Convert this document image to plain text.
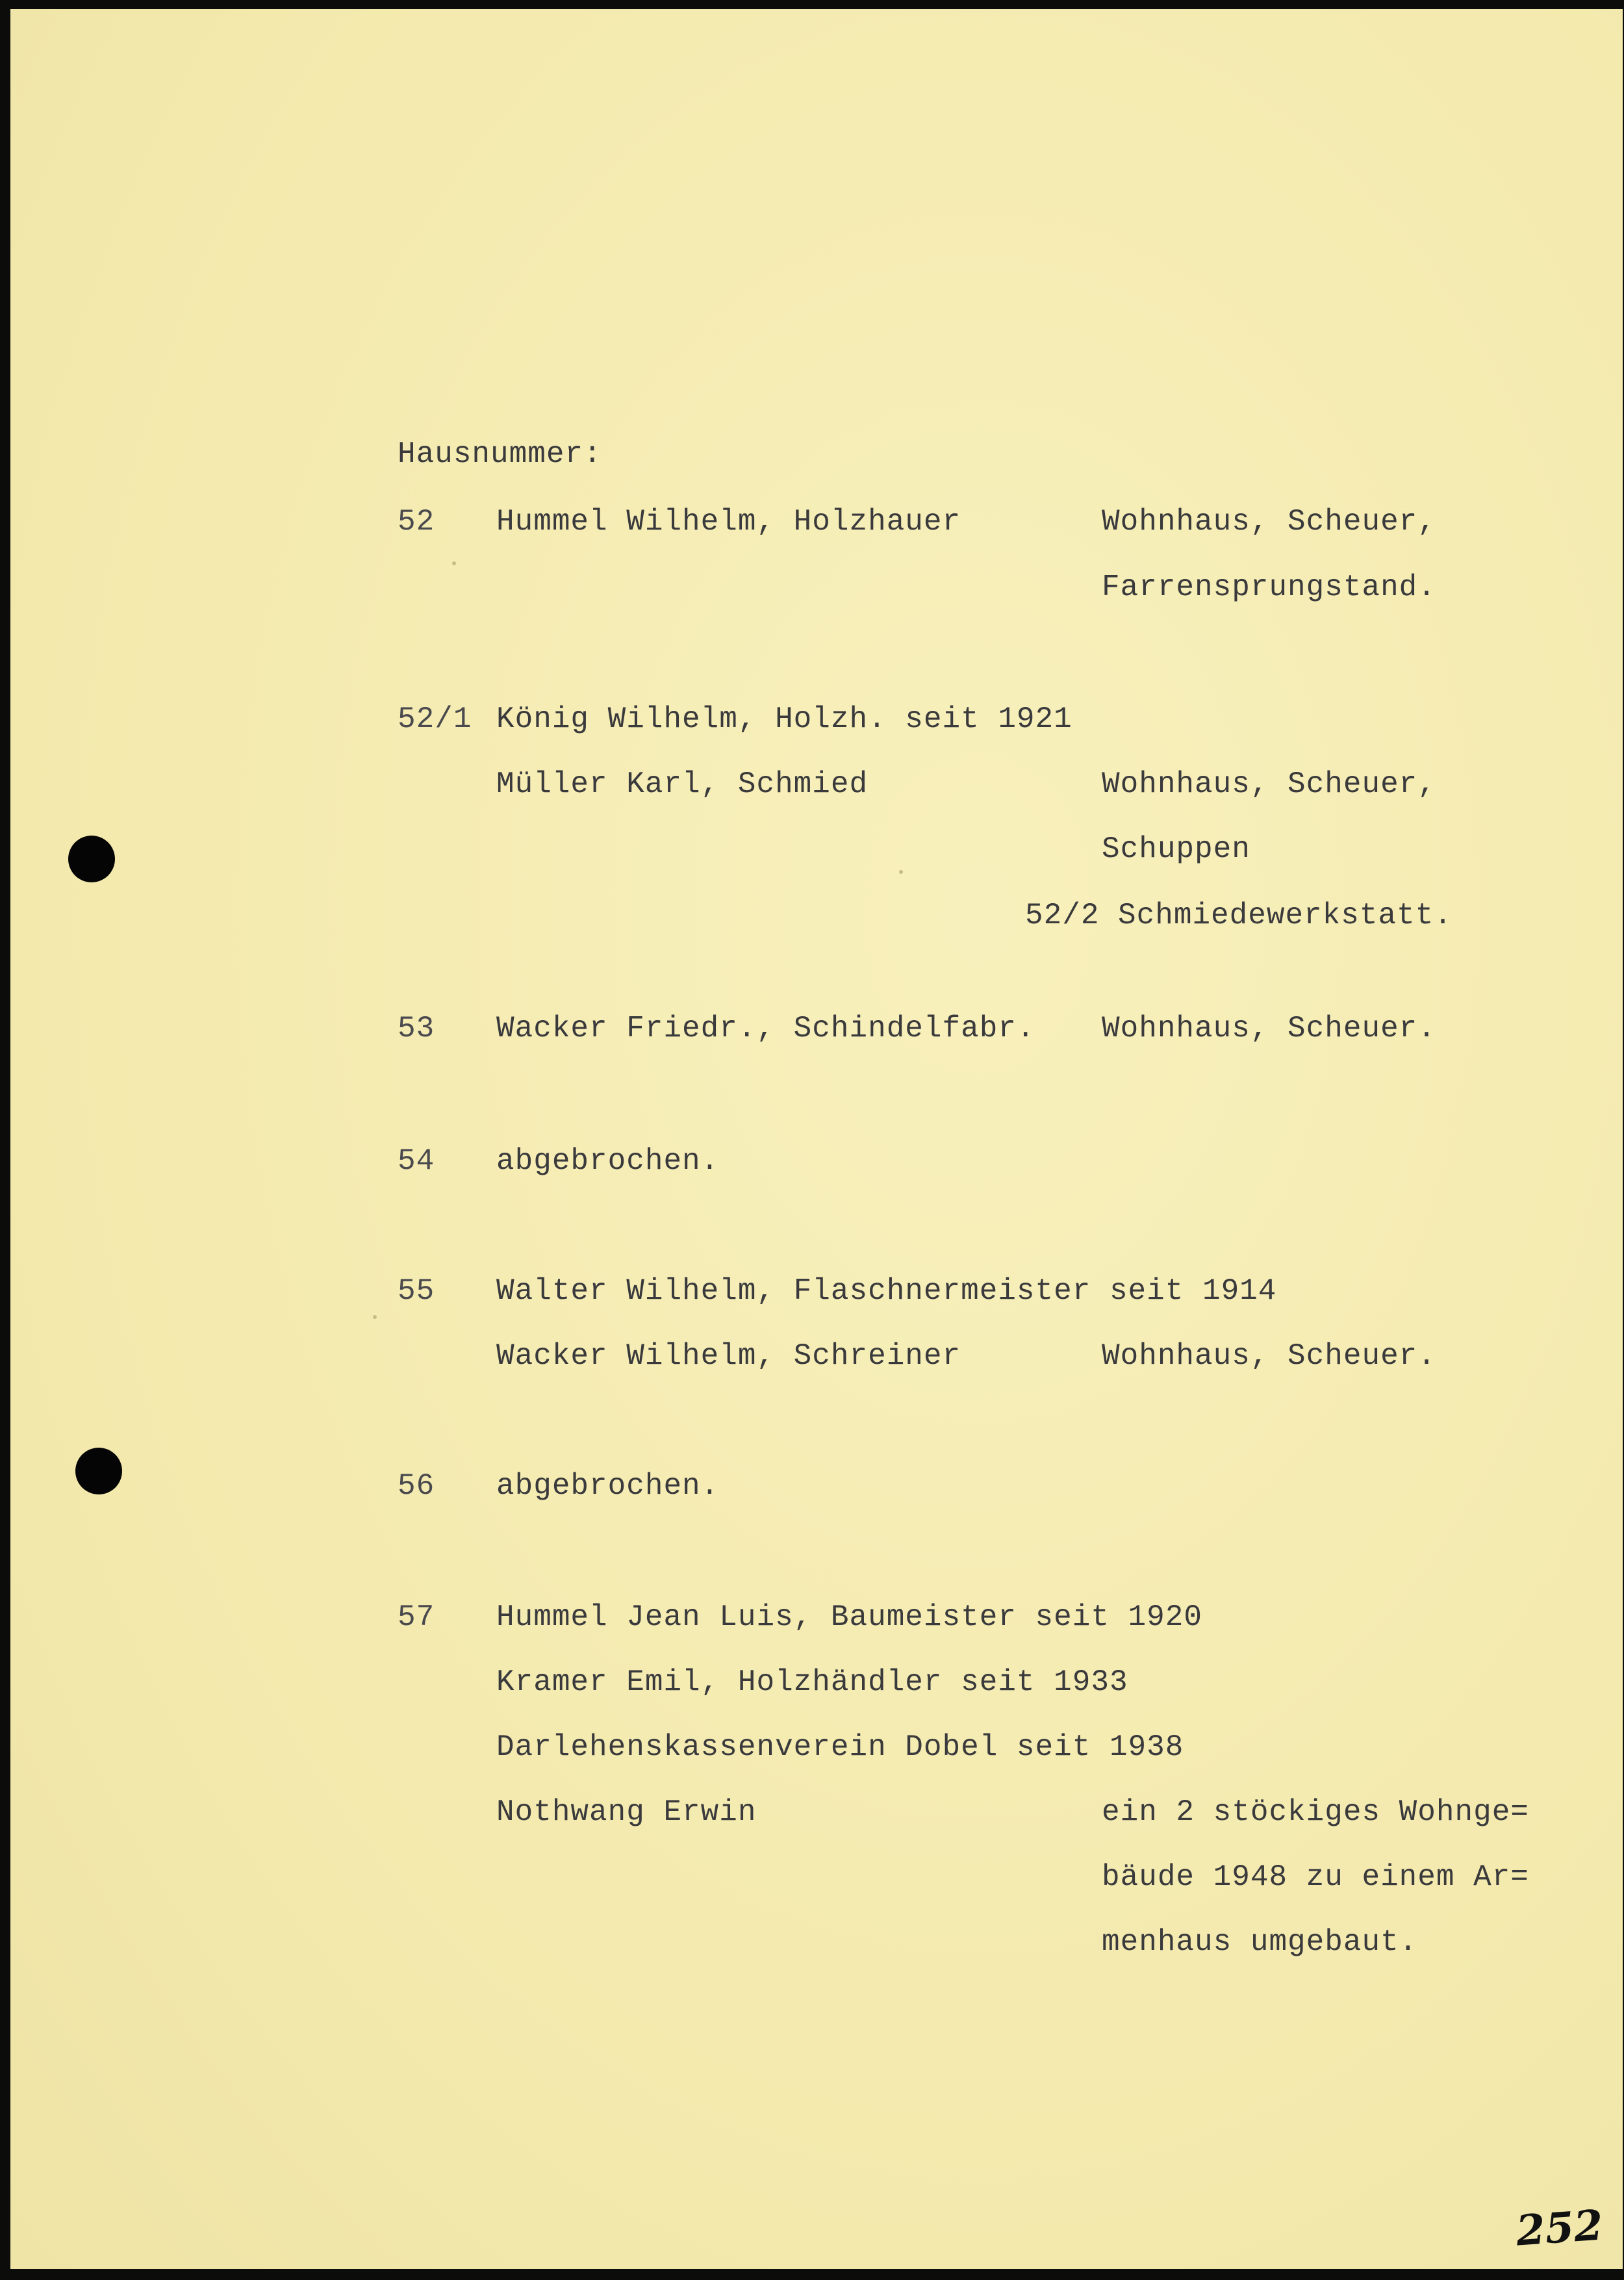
Hausnummer:
52 Hummel Wilhelm, Holzhauer	Wohnhaus, Scheuer,
Farrensprungstand.
52/1 König Wilhelm, Holzh. seit 1921
Müller Karl, Schmied	Wohnhaus, Scheuer,
Schuppen
52/2 Schmiedewerkstatt.
53 Wacker Friedr., Schindelfabr. Wohnhaus, Scheuer.
54 abgebrochen.
55 Walter Wilhelm, Flaschnermeister seit 1914
Wacker Wilhelm, Schreiner	Wohnhaus, Scheuer.
56 abgebrochen.
57 Hummel Jean Luis, Baumeister seit 1920
Kramer Emil, Holzhändler seit 1933
Darlehenskassenverein Dobel seit 1938
Nothwang Erwin	ein 2 stöckiges Wohnge=
bäude 1948 zu einem Ar=
menhaus umgebaut.
252
